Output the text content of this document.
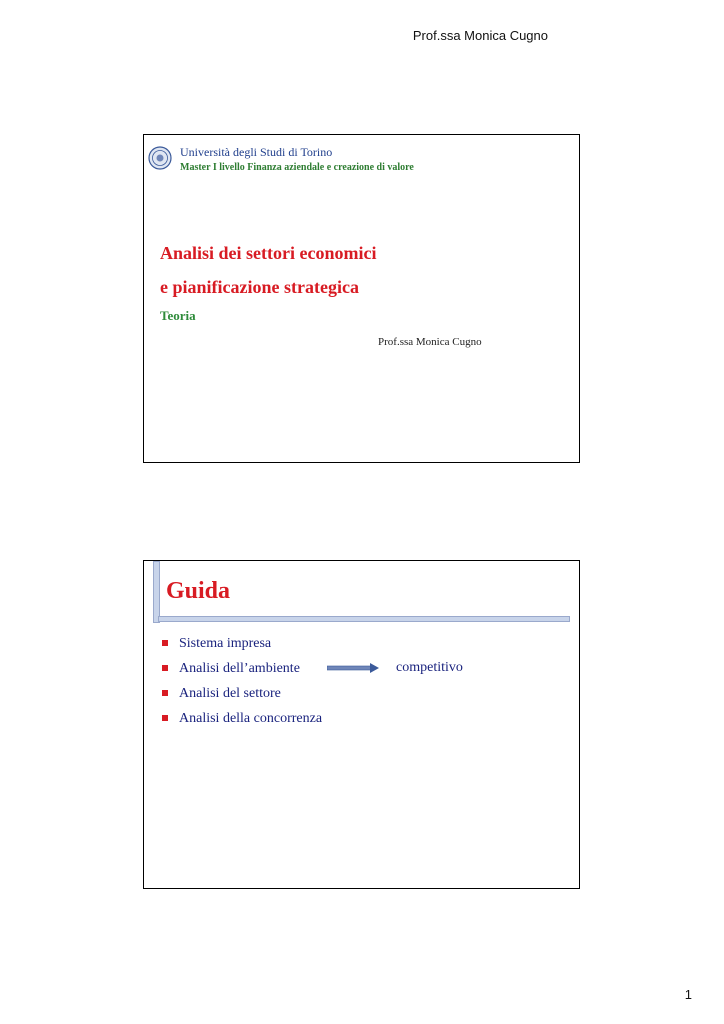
Prof.ssa Monica Cugno
Università degli Studi di Torino
Master I livello Finanza aziendale e creazione di valore
Analisi dei settori economici
e pianificazione strategica
Teoria
Prof.ssa Monica Cugno
Guida
Sistema impresa
Analisi dell’ambiente
Analisi del settore
Analisi della concorrenza
competitivo
1
